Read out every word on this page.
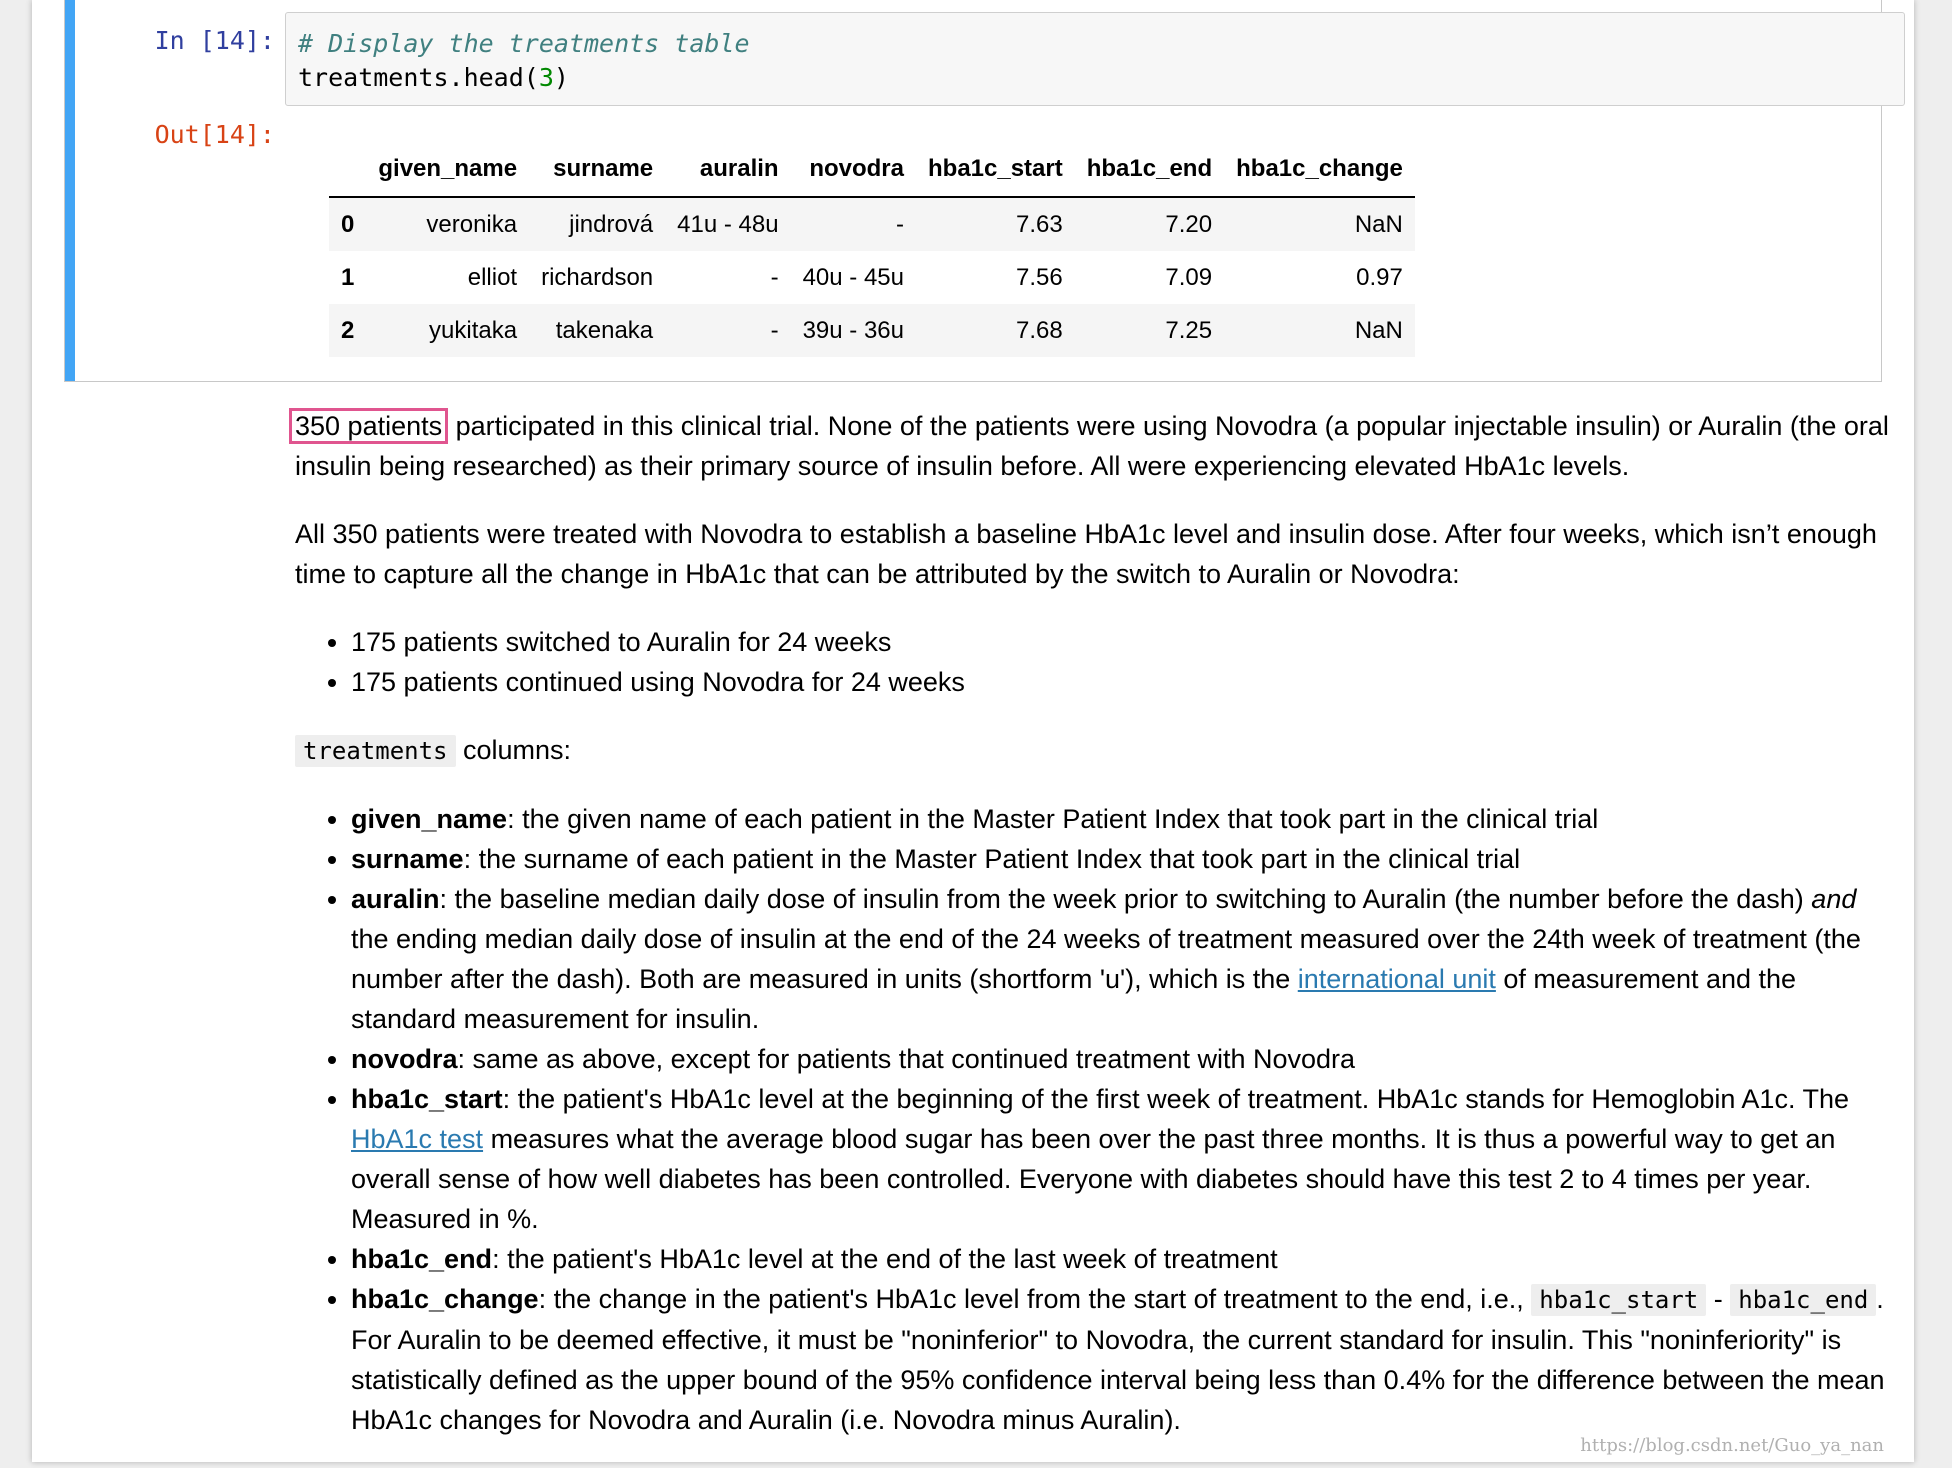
In [14]:
Out[14]:
# Display the treatments table
treatments.head(3)
	given_name	surname	auralin	novodra	hba1c_start	hba1c_end	hba1c_change
0	veronika	jindrová	41u - 48u	-	7.63	7.20	NaN
1	elliot	richardson	-	40u - 45u	7.56	7.09	0.97
2	yukitaka	takenaka	-	39u - 36u	7.68	7.25	NaN

350 patients participated in this clinical trial. None of the patients were using Novodra (a popular injectable insulin) or Auralin (the oral insulin being researched) as their primary source of insulin before. All were experiencing elevated HbA1c levels.

All 350 patients were treated with Novodra to establish a baseline HbA1c level and insulin dose. After four weeks, which isn’t enough time to capture all the change in HbA1c that can be attributed by the switch to Auralin or Novodra:

• 175 patients switched to Auralin for 24 weeks
• 175 patients continued using Novodra for 24 weeks

treatments columns:

• given_name: the given name of each patient in the Master Patient Index that took part in the clinical trial
• surname: the surname of each patient in the Master Patient Index that took part in the clinical trial
• auralin: the baseline median daily dose of insulin from the week prior to switching to Auralin (the number before the dash) and the ending median daily dose of insulin at the end of the 24 weeks of treatment measured over the 24th week of treatment (the number after the dash). Both are measured in units (shortform 'u'), which is the international unit of measurement and the standard measurement for insulin.
• novodra: same as above, except for patients that continued treatment with Novodra
• hba1c_start: the patient's HbA1c level at the beginning of the first week of treatment. HbA1c stands for Hemoglobin A1c. The HbA1c test measures what the average blood sugar has been over the past three months. It is thus a powerful way to get an overall sense of how well diabetes has been controlled. Everyone with diabetes should have this test 2 to 4 times per year. Measured in %.
• hba1c_end: the patient's HbA1c level at the end of the last week of treatment
• hba1c_change: the change in the patient's HbA1c level from the start of treatment to the end, i.e., hba1c_start - hba1c_end . For Auralin to be deemed effective, it must be "noninferior" to Novodra, the current standard for insulin. This "noninferiority" is statistically defined as the upper bound of the 95% confidence interval being less than 0.4% for the difference between the mean HbA1c changes for Novodra and Auralin (i.e. Novodra minus Auralin).
https://blog.csdn.net/Guo_ya_nan
